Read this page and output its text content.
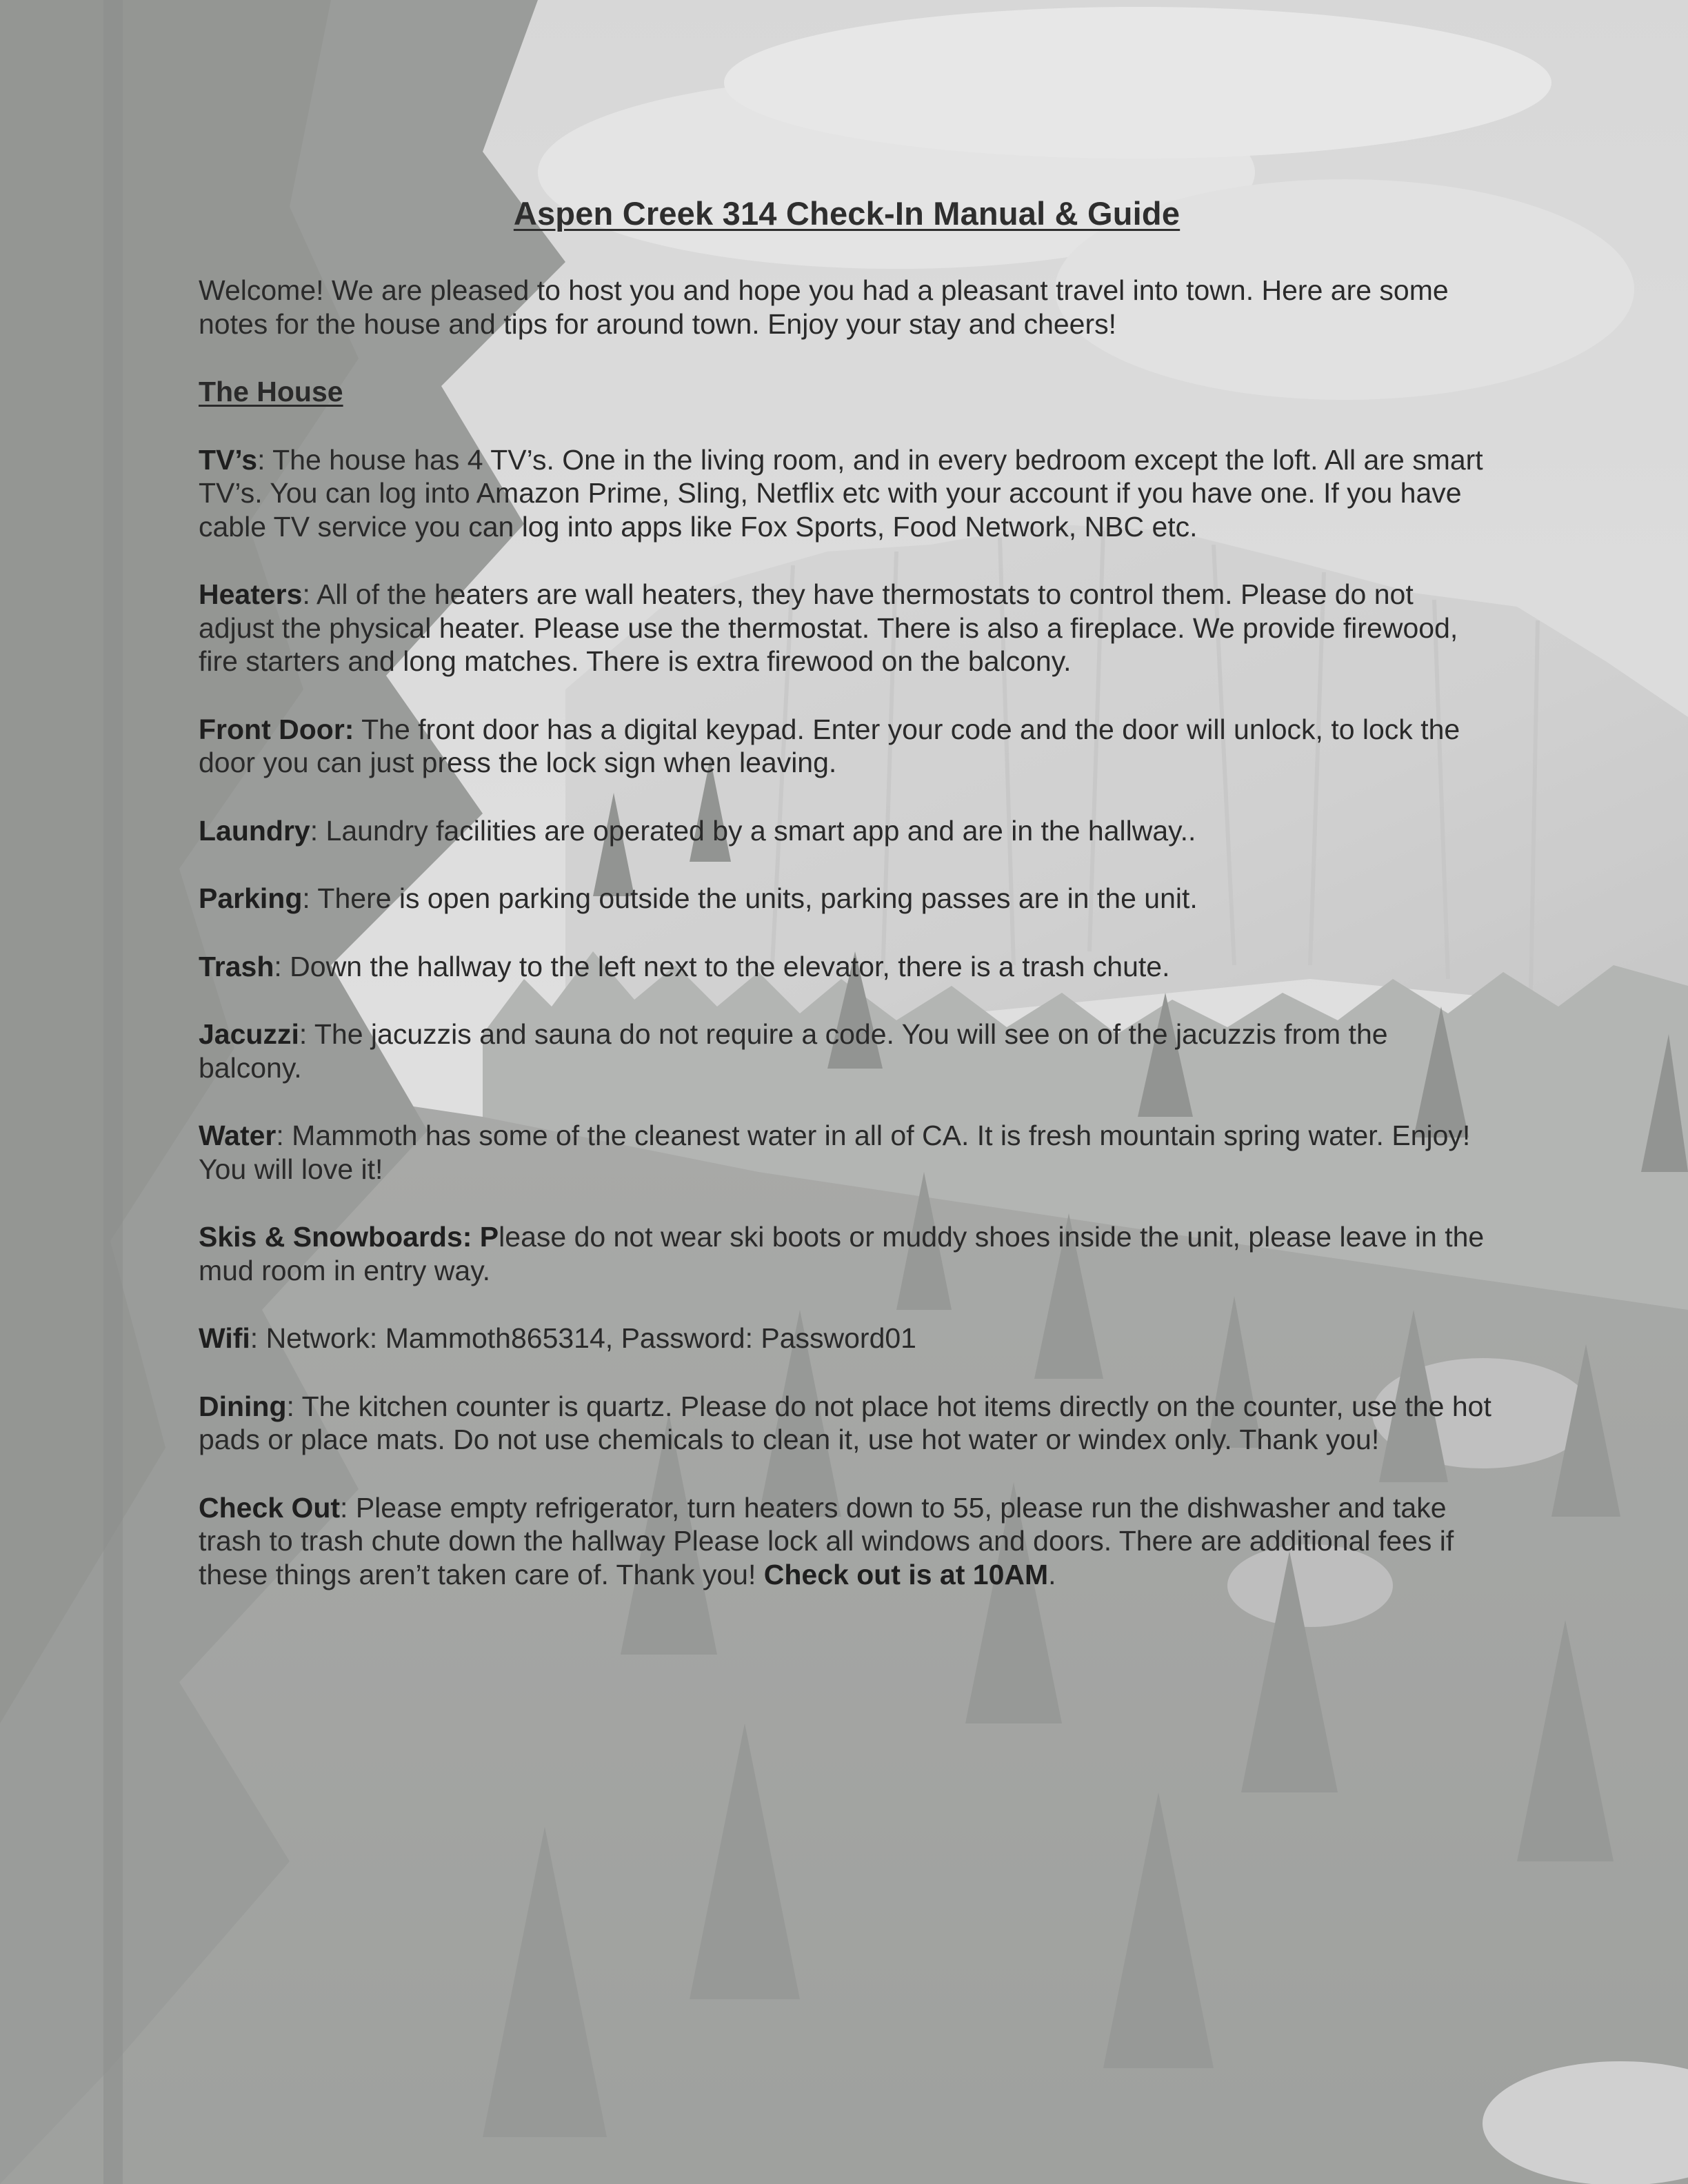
Aspen Creek 314 Check-In Manual & Guide

Welcome! We are pleased to host you and hope you had a pleasant travel into town. Here are some notes for the house and tips for around town. Enjoy your stay and cheers!

The House

TV’s: The house has 4 TV’s. One in the living room, and in every bedroom except the loft. All are smart TV’s. You can log into Amazon Prime, Sling, Netflix etc with your account if you have one. If you have cable TV service you can log into apps like Fox Sports, Food Network, NBC etc.

Heaters: All of the heaters are wall heaters, they have thermostats to control them. Please do not adjust the physical heater. Please use the thermostat. There is also a fireplace. We provide firewood, fire starters and long matches. There is extra firewood on the balcony.

Front Door: The front door has a digital keypad. Enter your code and the door will unlock, to lock the door you can just press the lock sign when leaving.

Laundry: Laundry facilities are operated by a smart app and are in the hallway..

Parking: There is open parking outside the units, parking passes are in the unit.

Trash: Down the hallway to the left next to the elevator, there is a trash chute.

Jacuzzi: The jacuzzis and sauna do not require a code. You will see on of the jacuzzis from the balcony.

Water: Mammoth has some of the cleanest water in all of CA. It is fresh mountain spring water. Enjoy! You will love it!

Skis & Snowboards: Please do not wear ski boots or muddy shoes inside the unit, please leave in the mud room in entry way.

Wifi: Network: Mammoth865314, Password: Password01

Dining: The kitchen counter is quartz. Please do not place hot items directly on the counter, use the hot pads or place mats. Do not use chemicals to clean it, use hot water or windex only. Thank you!

Check Out: Please empty refrigerator, turn heaters down to 55, please run the dishwasher and take trash to trash chute down the hallway Please lock all windows and doors. There are additional fees if these things aren’t taken care of. Thank you! Check out is at 10AM.
